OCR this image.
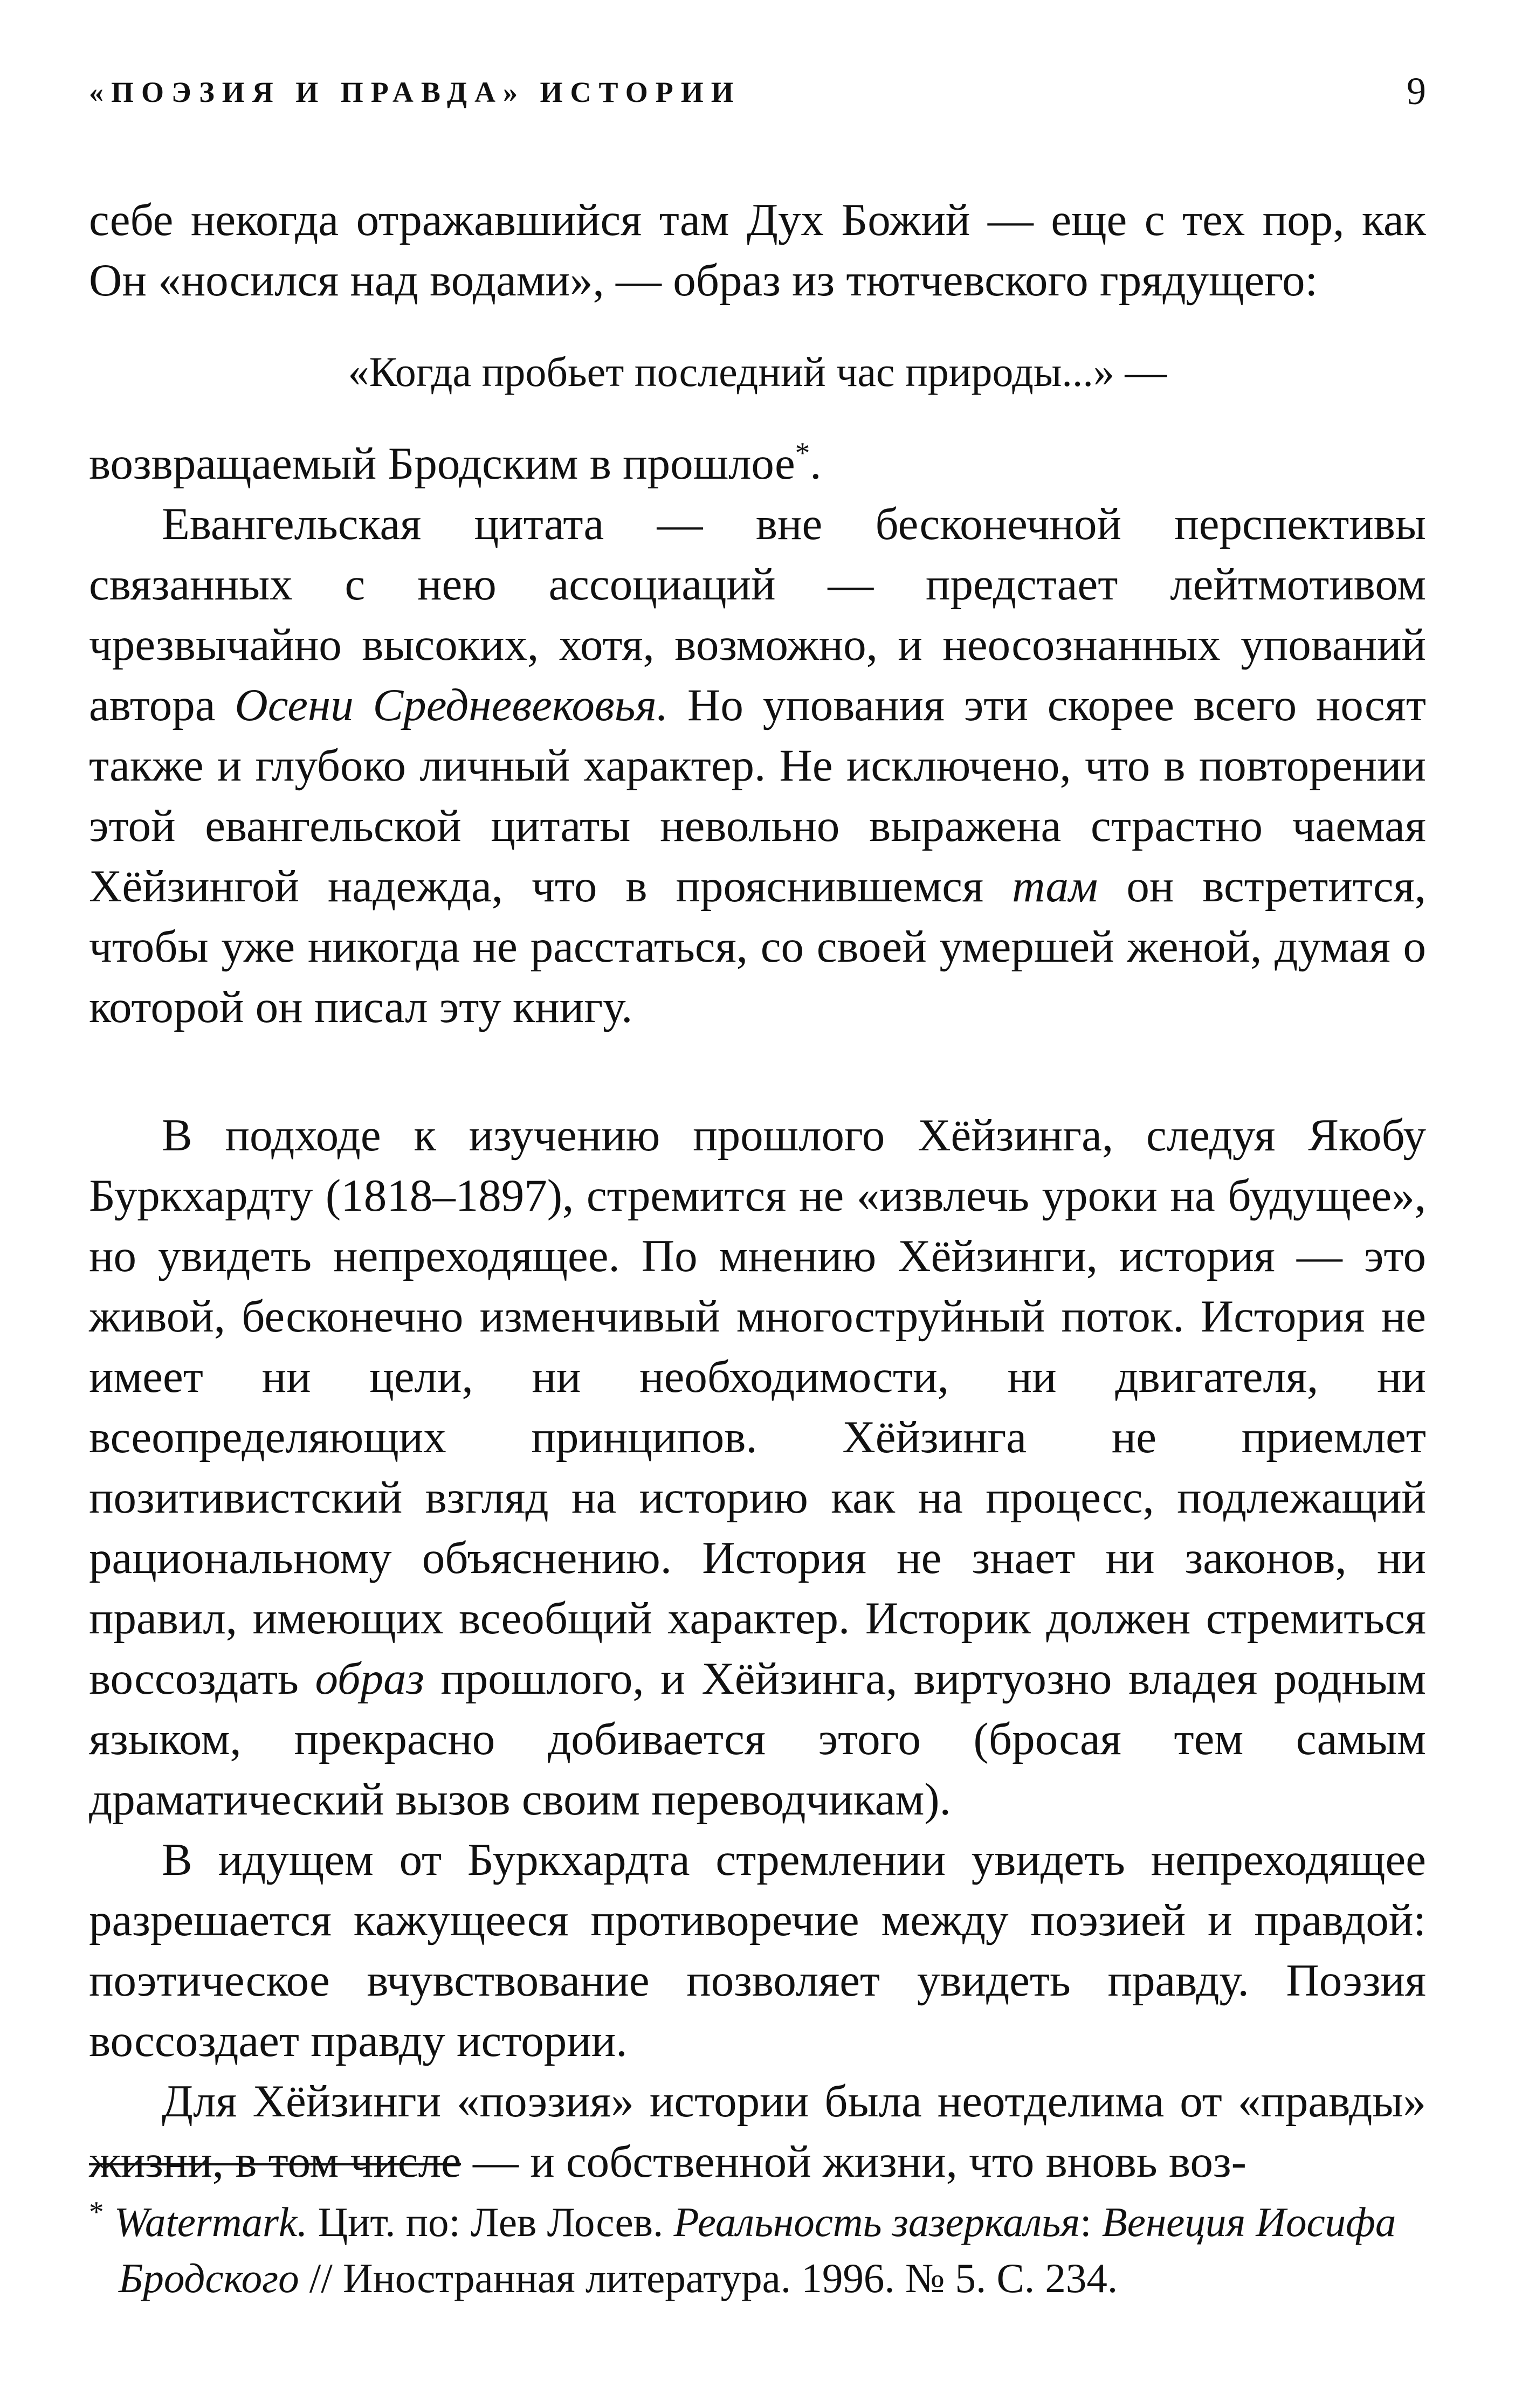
«ПОЭЗИЯ И ПРАВДА» ИСТОРИИ	9

себе некогда отражавшийся там Дух Божий — еще с тех пор, как Он «носился над водами», — образ из тютчевского грядущего:

«Когда пробьет последний час природы...» —

возвращаемый Бродским в прошлое*.

Евангельская цитата — вне бесконечной перспективы связанных с нею ассоциаций — предстает лейтмотивом чрезвычайно высоких, хотя, возможно, и неосознанных упований автора Осени Средневековья. Но упования эти скорее всего носят также и глубоко личный характер. Не исключено, что в повторении этой евангельской цитаты невольно выражена страстно чаемая Хёйзингой надежда, что в прояснившемся там он встретится, чтобы уже никогда не расстаться, со своей умершей женой, думая о которой он писал эту книгу.

В подходе к изучению прошлого Хёйзинга, следуя Якобу Буркхардту (1818–1897), стремится не «извлечь уроки на будущее», но увидеть непреходящее. По мнению Хёйзинги, история — это живой, бесконечно изменчивый многоструйный поток. История не имеет ни цели, ни необходимости, ни двигателя, ни всеопределяющих принципов. Хёйзинга не приемлет позитивистский взгляд на историю как на процесс, подлежащий рациональному объяснению. История не знает ни законов, ни правил, имеющих всеобщий характер. Историк должен стремиться воссоздать образ прошлого, и Хёйзинга, виртуозно владея родным языком, прекрасно добивается этого (бросая тем самым драматический вызов своим переводчикам).

В идущем от Буркхардта стремлении увидеть непреходящее разрешается кажущееся противоречие между поэзией и правдой: поэтическое вчувствование позволяет увидеть правду. Поэзия воссоздает правду истории.

Для Хёйзинги «поэзия» истории была неотделима от «правды» жизни, в том числе — и собственной жизни, что вновь воз-

* Watermark. Цит. по: Лев Лосев. Реальность зазеркалья: Венеция Иосифа
Бродского // Иностранная литература. 1996. № 5. С. 234.
